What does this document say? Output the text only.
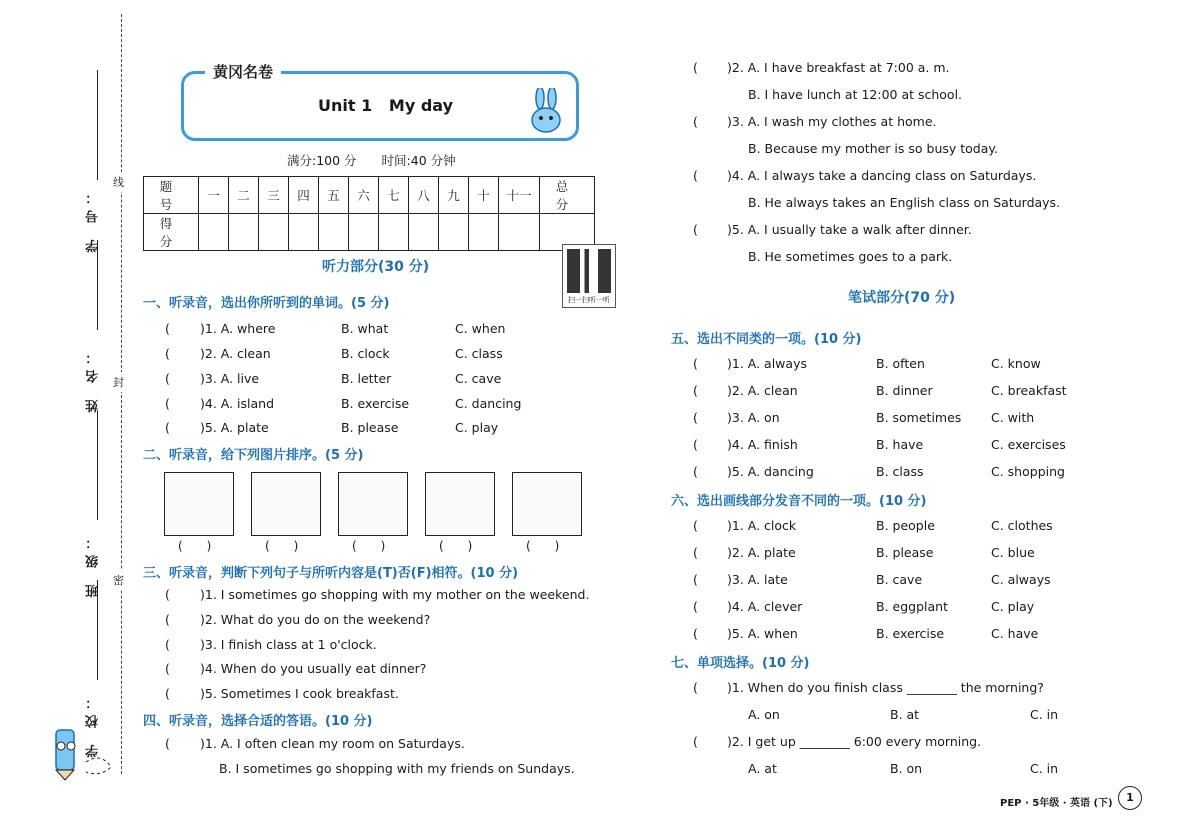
学 号：
姓 名：
班 级：
学 校：
线
封
密
黄冈名卷
Unit 1   My day
满分:100 分　　时间:40 分钟
题 号	一	二	三	四	五	六	七	八	九	十	十一	总 分
得 分												
听力部分(30 分)
扫一扫听一听
一、听录音，选出你所听到的单词。(5 分)
(	)1. A. where	B. what	C. when
( )2. A. clean	B. clock	C. class
( )3. A. live	B. letter	C. cave
( )4. A. island	B. exercise	C. dancing
( )5. A. plate	B. please	C. play
二、听录音，给下列图片排序。(5 分)
(　　)	(　　)	(　　)	(　　)	(　　)
三、听录音，判断下列句子与所听内容是(T)否(F)相符。(10 分)
( )1. I sometimes go shopping with my mother on the weekend.
( )2. What do you do on the weekend?
( )3. I finish class at 1 o'clock.
( )4. When do you usually eat dinner?
( )5. Sometimes I cook breakfast.
四、听录音，选择合适的答语。(10 分)
( )1. A. I often clean my room on Saturdays.
B. I sometimes go shopping with my friends on Sundays.
( )2. A. I have breakfast at 7:00 a. m.
B. I have lunch at 12:00 at school.
( )3. A. I wash my clothes at home.
B. Because my mother is so busy today.
( )4. A. I always take a dancing class on Saturdays.
B. He always takes an English class on Saturdays.
( )5. A. I usually take a walk after dinner.
B. He sometimes goes to a park.
笔试部分(70 分)
五、选出不同类的一项。(10 分)
( )1. A. always	B. often	C. know
( )2. A. clean	B. dinner	C. breakfast
( )3. A. on	B. sometimes C. with
( )4. A. finish	B. have	C. exercises
( )5. A. dancing	B. class	C. shopping
六、选出画线部分发音不同的一项。(10 分)
( )1. A. clock	B. people	C. clothes
( )2. A. plate	B. please	C. blue
( )3. A. late	B. cave	C. always
( )4. A. clever	B. eggplant	C. play
( )5. A. when	B. exercise	C. have
七、单项选择。(10 分)
( )1. When do you finish class ________ the morning?
A. on	B. at	C. in
( )2. I get up ________ 6:00 every morning.
A. at	B. on	C. in
PEP · 5年级 · 英语 (下)	1
